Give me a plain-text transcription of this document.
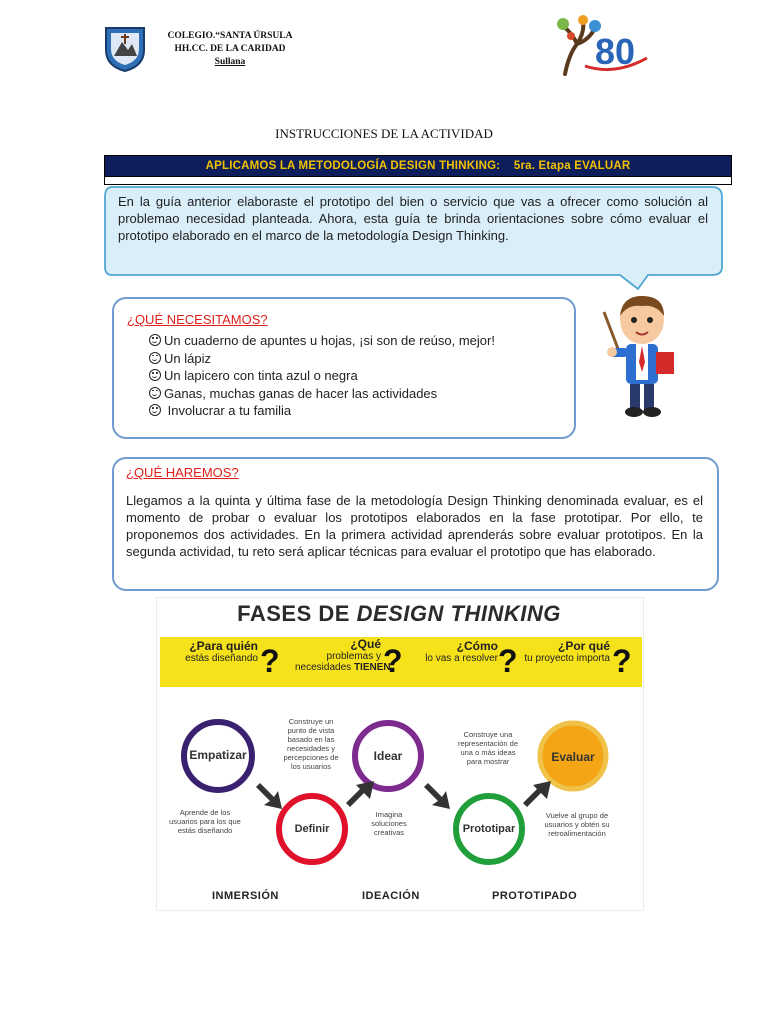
COLEGIO.“SANTA ÚRSULA
HH.CC. DE LA CARIDAD
Sullana	80
INSTRUCCIONES DE LA ACTIVIDAD
APLICAMOS LA METODOLOGÍA DESIGN THINKING:    5ra. Etapa EVALUAR
En la guía anterior elaboraste el prototipo del bien o servicio que vas a ofrecer como solución al problemao necesidad planteada. Ahora, esta guía te brinda orientaciones sobre cómo evaluar el prototipo elaborado en el marco de la metodología Design Thinking.
¿QUÉ NECESITAMOS?
Un cuaderno de apuntes u hojas, ¡si son de reúso, mejor!
Un lápiz
Un lapicero con tinta azul o negra
Ganas, muchas ganas de hacer las actividades
Involucrar a tu familia
¿QUÉ HAREMOS?
Llegamos a la quinta y última fase de la metodología Design Thinking denominada evaluar, es el momento de probar o evaluar los prototipos elaborados en la fase prototipar. Por ello, te proponemos dos actividades. En la primera actividad aprenderás sobre evaluar prototipos. En la segunda actividad, tu reto será aplicar técnicas para evaluar el prototipo que has elaborado.
FASES DE DESIGN THINKING
¿Para quién
estás diseñando ?	¿Qué
problemas y
necesidades TIENEN
?	¿Cómo
lo vas a resolver ?	¿Por qué
tu proyecto importa ?
Empatizar
Definir
Idear
Prototipar
Evaluar
Construye un punto de vista basado en las necesidades y percepciones de los usuarios
Aprende de los usuarios para los que estás diseñando
Imagina soluciones creativas
Construye una representación de una o más ideas para mostrar
Vuelve al grupo de usuarios y obtén su retroalimentación
INMERSIÓN	IDEACIÓN	PROTOTIPADO
